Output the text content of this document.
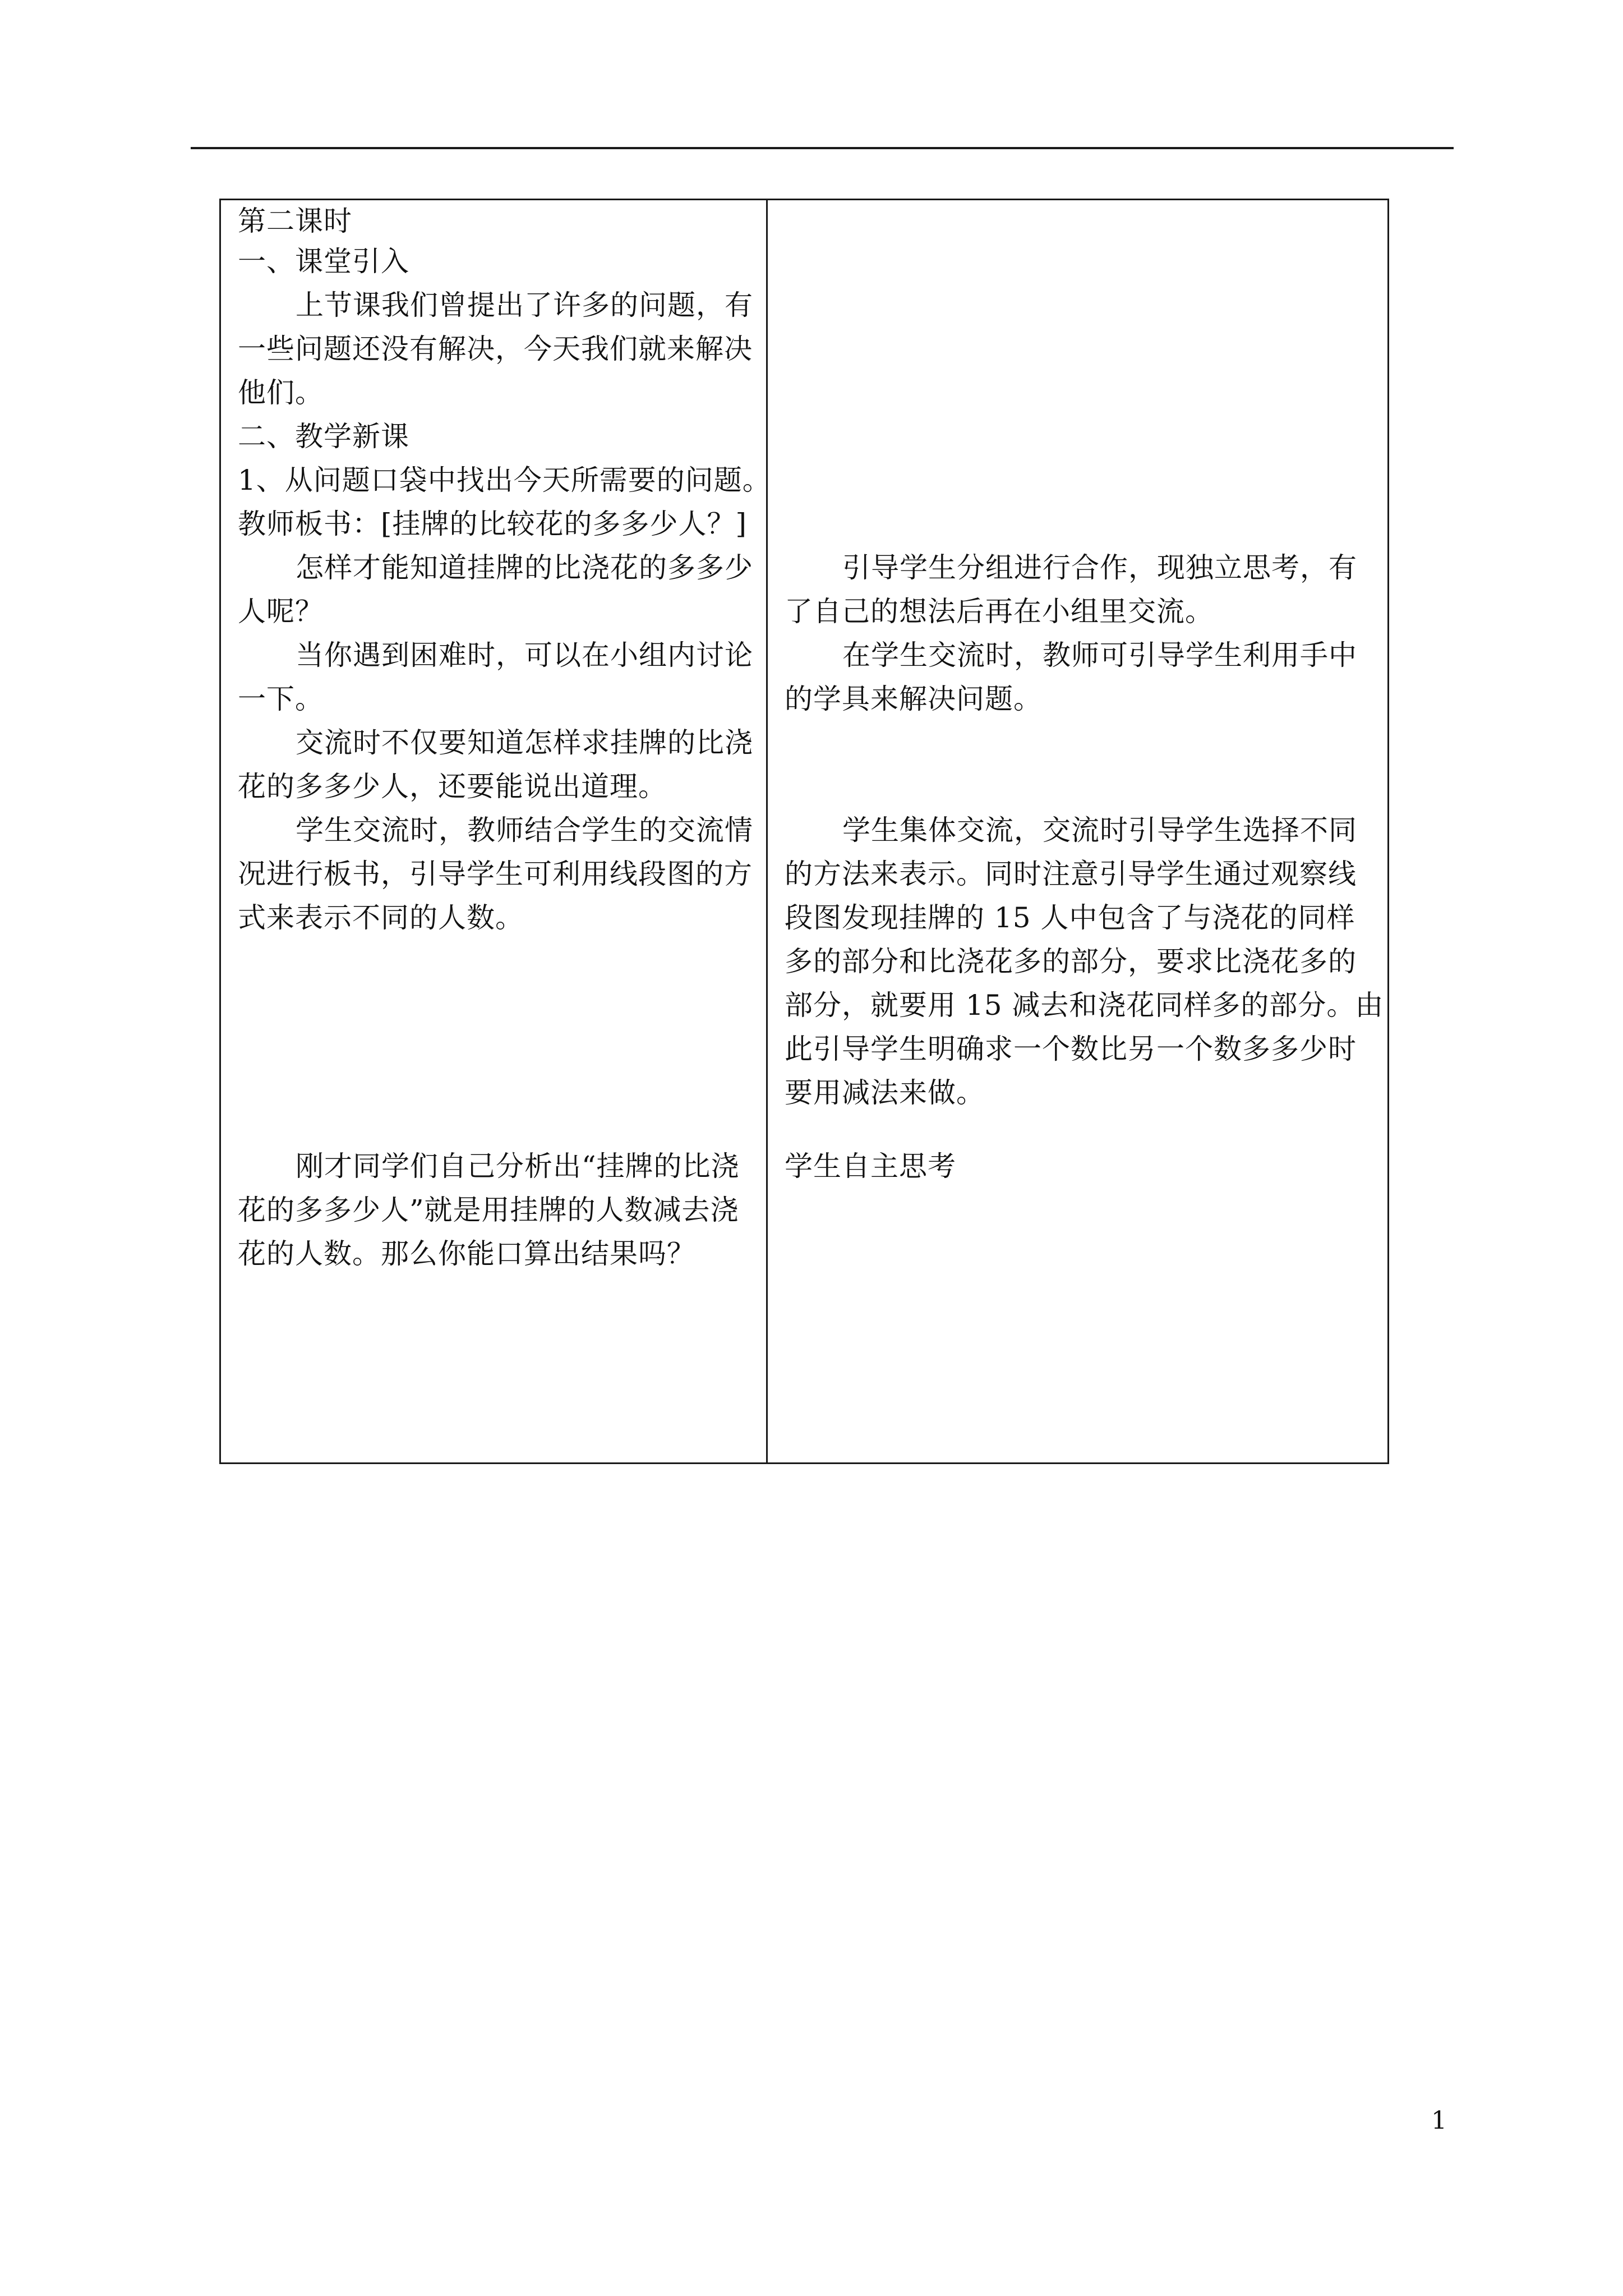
第二课时
一、课堂引入
上节课我们曾提出了许多的问题，有
一些问题还没有解决，今天我们就来解决
他们。
二、教学新课
1、从问题口袋中找出今天所需要的问题。
教师板书：[挂牌的比较花的多多少人？]
怎样才能知道挂牌的比浇花的多多少
人呢？
当你遇到困难时，可以在小组内讨论
一下。
交流时不仅要知道怎样求挂牌的比浇
花的多多少人，还要能说出道理。
学生交流时，教师结合学生的交流情
况进行板书，引导学生可利用线段图的方
式来表示不同的人数。
刚才同学们自己分析出“挂牌的比浇
花的多多少人”就是用挂牌的人数减去浇
花的人数。那么你能口算出结果吗？
引导学生分组进行合作，现独立思考，有
了自己的想法后再在小组里交流。
在学生交流时，教师可引导学生利用手中
的学具来解决问题。
学生集体交流，交流时引导学生选择不同
的方法来表示。同时注意引导学生通过观察线
段图发现挂牌的 15 人中包含了与浇花的同样
多的部分和比浇花多的部分，要求比浇花多的
部分，就要用 15 减去和浇花同样多的部分。由
此引导学生明确求一个数比另一个数多多少时
要用减法来做。
学生自主思考
1
